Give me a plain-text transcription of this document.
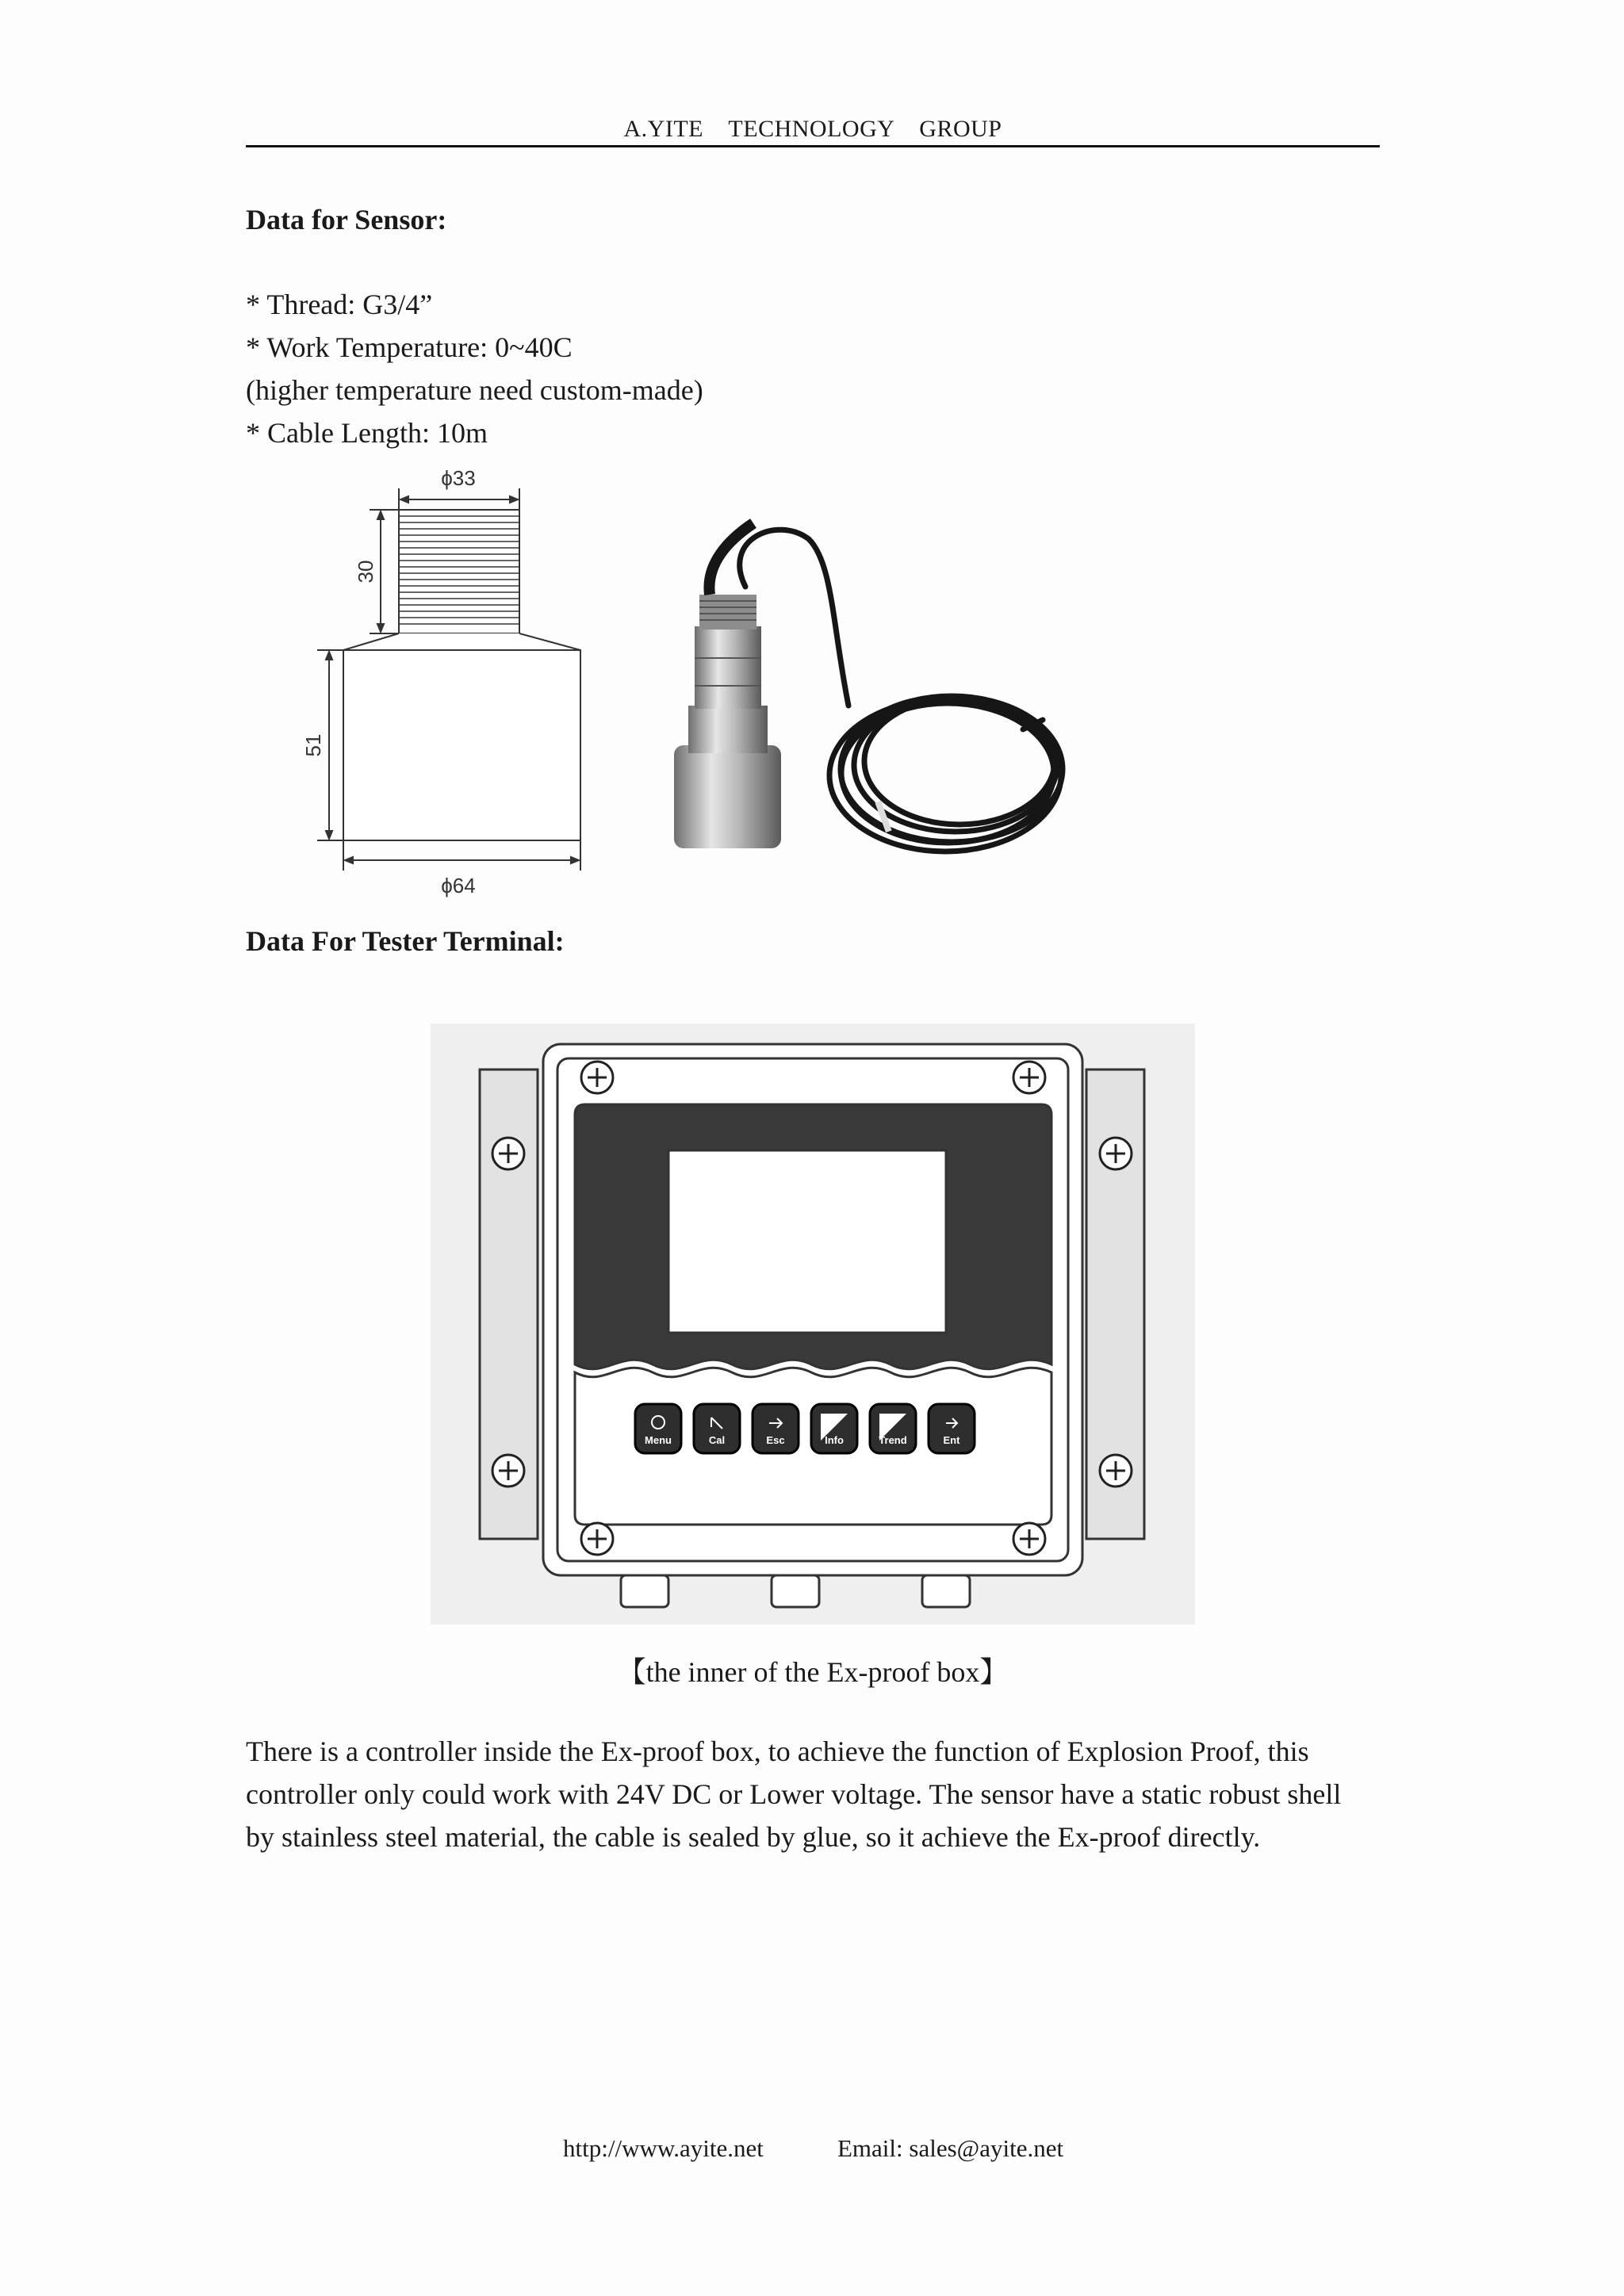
A.YITE    TECHNOLOGY    GROUP
Data for Sensor:
* Thread: G3/4”
* Work Temperature: 0~40C
(higher temperature need custom-made)
* Cable Length: 10m
ϕ33
ϕ64
30
51
Data For Tester Terminal:
Menu	Cal	Esc	Info	Trend	Ent
【the inner of the Ex-proof box】
There is a controller inside the Ex-proof box, to achieve the function of Explosion Proof, this
controller only could work with 24V DC or Lower voltage. The sensor have a static robust shell
by stainless steel material, the cable is sealed by glue, so it achieve the Ex-proof directly.
http://www.ayite.net	Email: sales@ayite.net
